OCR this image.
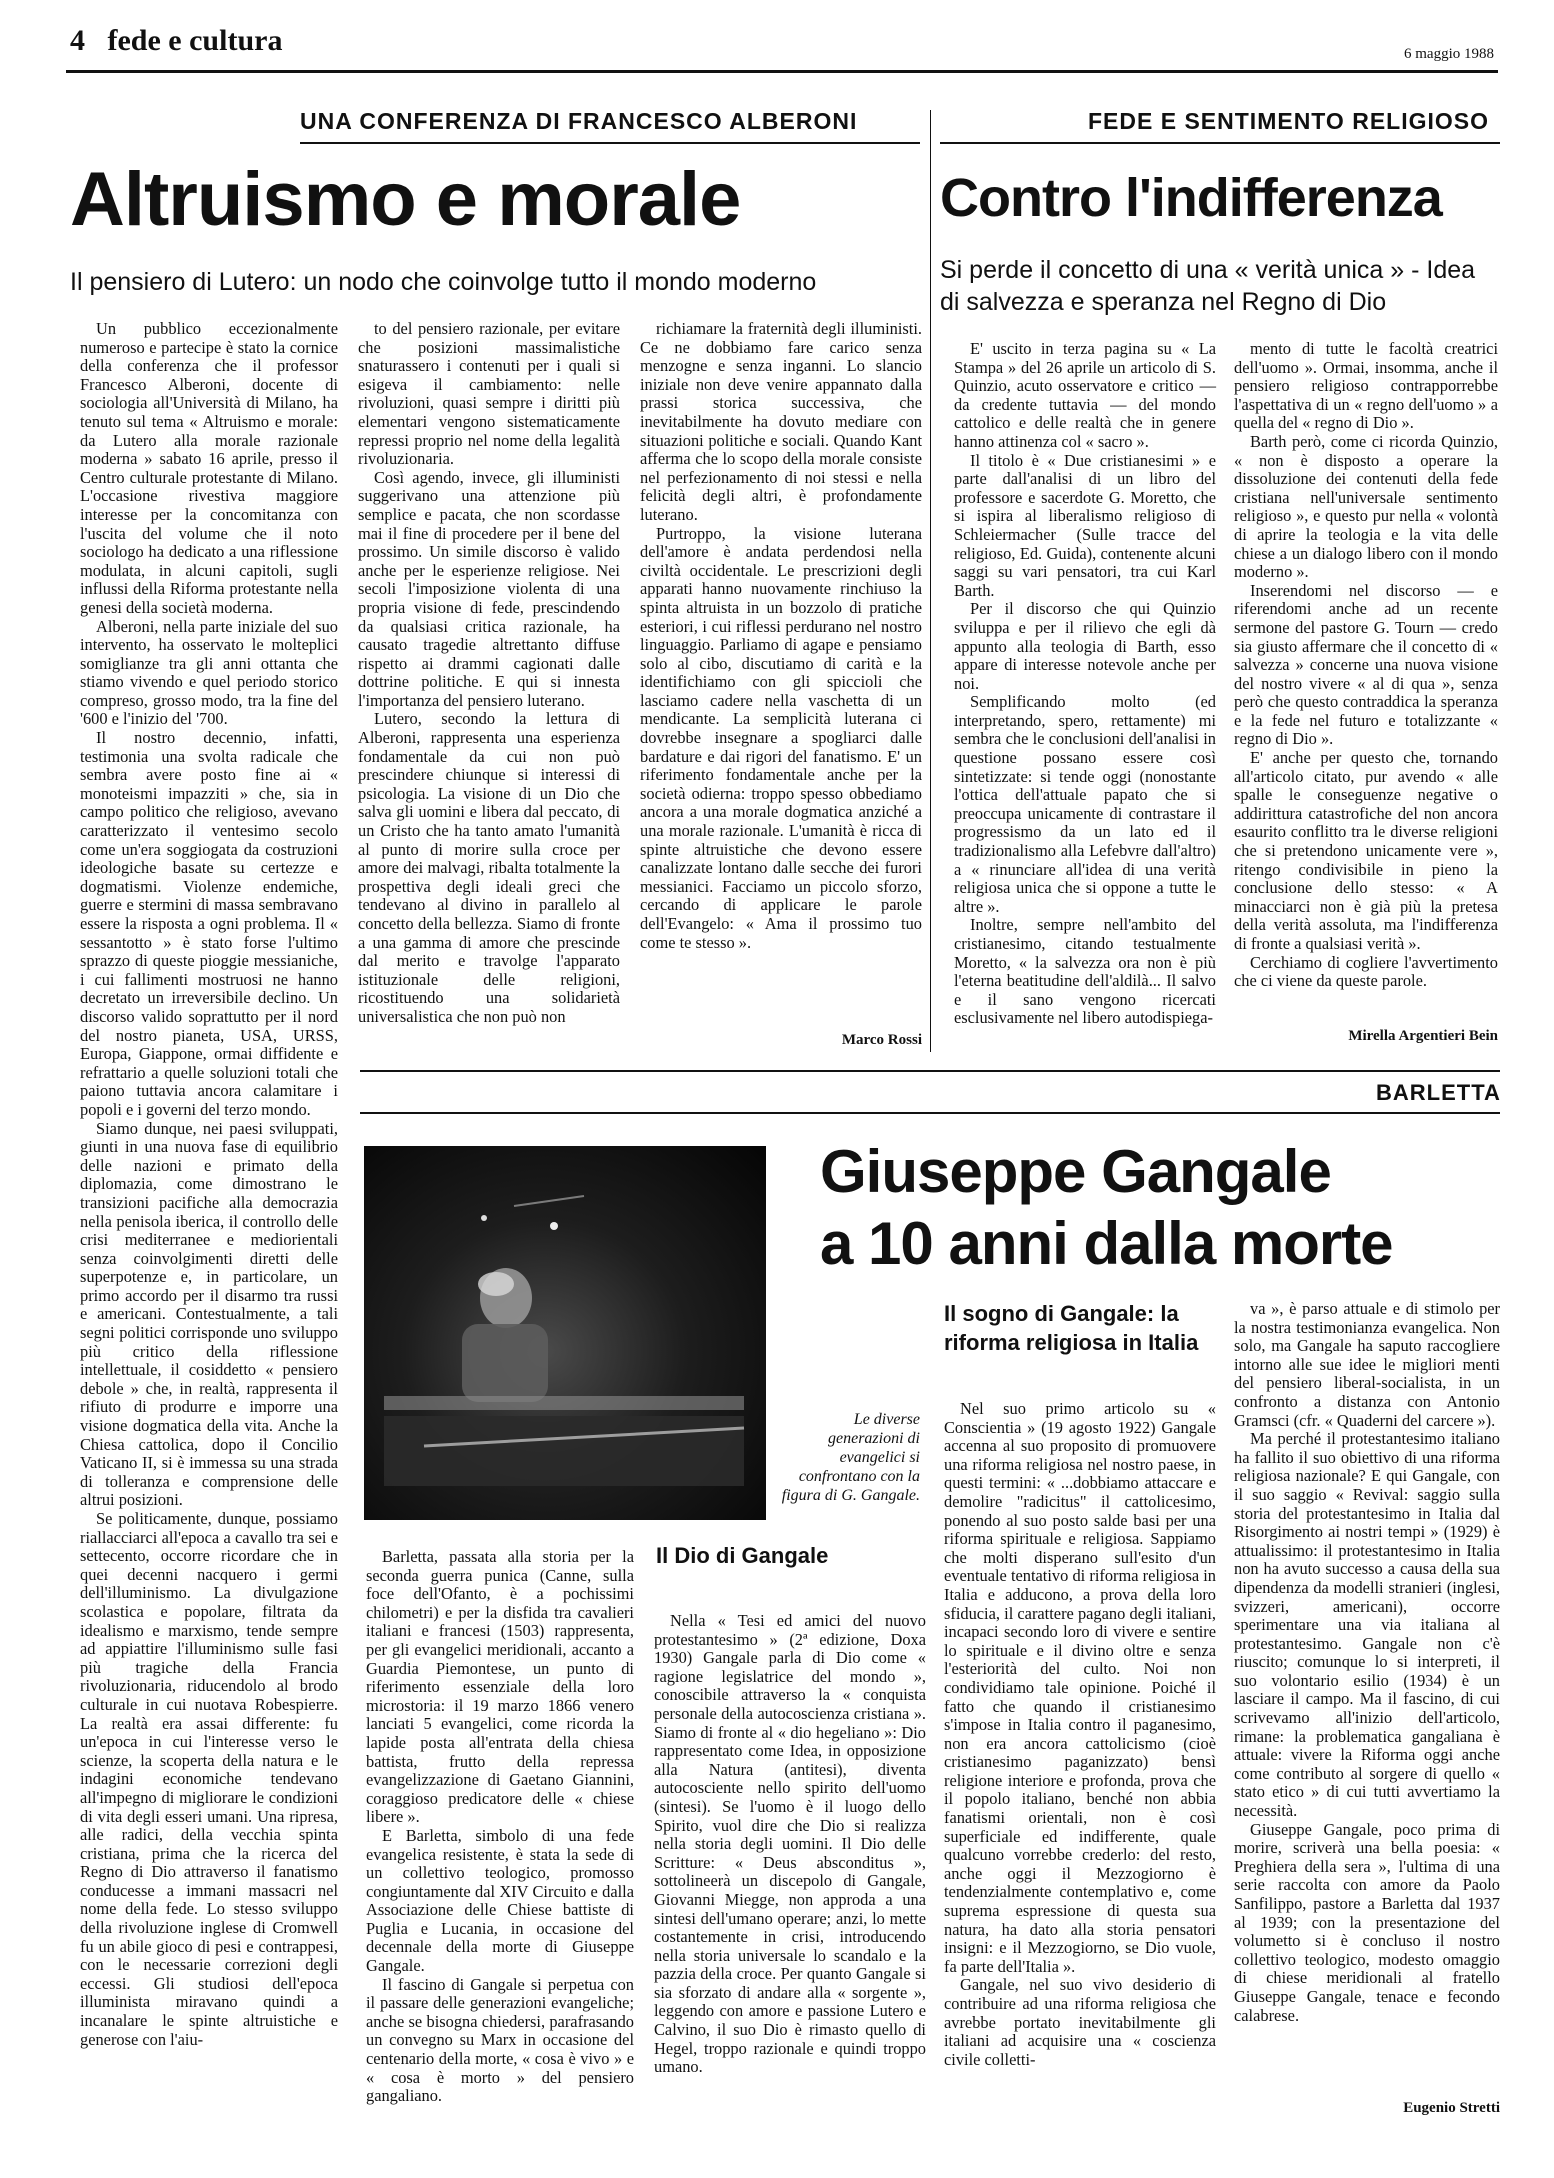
4 fede e cultura	6 maggio 1988
UNA CONFERENZA DI FRANCESCO ALBERONI
Altruismo e morale
Il pensiero di Lutero: un nodo che coinvolge tutto il mondo moderno
FEDE E SENTIMENTO RELIGIOSO
Contro l'indifferenza
Si perde il concetto di una « verità unica » - Idea di salvezza e speranza nel Regno di Dio

Un pubblico eccezionalmente numeroso e partecipe è stato la cornice della conferenza che il professor Francesco Alberoni, docente di sociologia all'Università di Milano, ha tenuto sul tema « Altruismo e morale: da Lutero alla morale razionale moderna » sabato 16 aprile, presso il Centro culturale protestante di Milano. L'occasione rivestiva maggiore interesse per la concomitanza con l'uscita del volume che il noto sociologo ha dedicato a una riflessione modulata, in alcuni capitoli, sugli influssi della Riforma protestante nella genesi della società moderna.

Alberoni, nella parte iniziale del suo intervento, ha osservato le molteplici somiglianze tra gli anni ottanta che stiamo vivendo e quel periodo storico compreso, grosso modo, tra la fine del '600 e l'inizio del '700.

Il nostro decennio, infatti, testimonia una svolta radicale che sembra avere posto fine ai « monoteismi impazziti » che, sia in campo politico che religioso, avevano caratterizzato il ventesimo secolo come un'era soggiogata da costruzioni ideologiche basate su certezze e dogmatismi. Violenze endemiche, guerre e stermini di massa sembravano essere la risposta a ogni problema. Il « sessantotto » è stato forse l'ultimo sprazzo di queste pioggie messianiche, i cui fallimenti mostruosi ne hanno decretato un irreversibile declino. Un discorso valido soprattutto per il nord del nostro pianeta, USA, URSS, Europa, Giappone, ormai diffidente e refrattario a quelle soluzioni totali che paiono tuttavia ancora calamitare i popoli e i governi del terzo mondo.

Siamo dunque, nei paesi sviluppati, giunti in una nuova fase di equilibrio delle nazioni e primato della diplomazia, come dimostrano le transizioni pacifiche alla democrazia nella penisola iberica, il controllo delle crisi mediterranee e mediorientali senza coinvolgimenti diretti delle superpotenze e, in particolare, un primo accordo per il disarmo tra russi e americani. Contestualmente, a tali segni politici corrisponde uno sviluppo più critico della riflessione intellettuale, il cosiddetto « pensiero debole » che, in realtà, rappresenta il rifiuto di produrre e imporre una visione dogmatica della vita. Anche la Chiesa cattolica, dopo il Concilio Vaticano II, si è immessa su una strada di tolleranza e comprensione delle altrui posizioni.

Se politicamente, dunque, possiamo riallacciarci all'epoca a cavallo tra sei e settecento, occorre ricordare che in quei decenni nacquero i germi dell'illuminismo. La divulgazione scolastica e popolare, filtrata da idealismo e marxismo, tende sempre ad appiattire l'illuminismo sulle fasi più tragiche della Francia rivoluzionaria, riducendolo al brodo culturale in cui nuotava Robespierre. La realtà era assai differente: fu un'epoca in cui l'interesse verso le scienze, la scoperta della natura e le indagini economiche tendevano all'impegno di migliorare le condizioni di vita degli esseri umani. Una ripresa, alle radici, della vecchia spinta cristiana, prima che la ricerca del Regno di Dio attraverso il fanatismo conducesse a immani massacri nel nome della fede. Lo stesso sviluppo della rivoluzione inglese di Cromwell fu un abile gioco di pesi e contrappesi, con le necessarie correzioni degli eccessi. Gli studiosi dell'epoca illuminista miravano quindi a incanalare le spinte altruistiche e generose con l'aiu-

to del pensiero razionale, per evitare che posizioni massimalistiche snaturassero i contenuti per i quali si esigeva il cambiamento: nelle rivoluzioni, quasi sempre i diritti più elementari vengono sistematicamente repressi proprio nel nome della legalità rivoluzionaria.

Così agendo, invece, gli illuministi suggerivano una attenzione più semplice e pacata, che non scordasse mai il fine di procedere per il bene del prossimo. Un simile discorso è valido anche per le esperienze religiose. Nei secoli l'imposizione violenta di una propria visione di fede, prescindendo da qualsiasi critica razionale, ha causato tragedie altrettanto diffuse rispetto ai drammi cagionati dalle dottrine politiche. E qui si innesta l'importanza del pensiero luterano.

Lutero, secondo la lettura di Alberoni, rappresenta una esperienza fondamentale da cui non può prescindere chiunque si interessi di psicologia. La visione di un Dio che salva gli uomini e libera dal peccato, di un Cristo che ha tanto amato l'umanità al punto di morire sulla croce per amore dei malvagi, ribalta totalmente la prospettiva degli ideali greci che tendevano al divino in parallelo al concetto della bellezza. Siamo di fronte a una gamma di amore che prescinde dal merito e travolge l'apparato istituzionale delle religioni, ricostituendo una solidarietà universalistica che non può non

richiamare la fraternità degli illuministi. Ce ne dobbiamo fare carico senza menzogne e senza inganni. Lo slancio iniziale non deve venire appannato dalla prassi storica successiva, che inevitabilmente ha dovuto mediare con situazioni politiche e sociali. Quando Kant afferma che lo scopo della morale consiste nel perfezionamento di noi stessi e nella felicità degli altri, è profondamente luterano.

Purtroppo, la visione luterana dell'amore è andata perdendosi nella civiltà occidentale. Le prescrizioni degli apparati hanno nuovamente rinchiuso la spinta altruista in un bozzolo di pratiche esteriori, i cui riflessi perdurano nel nostro linguaggio. Parliamo di agape e pensiamo solo al cibo, discutiamo di carità e la identifichiamo con gli spiccioli che lasciamo cadere nella vaschetta di un mendicante. La semplicità luterana ci dovrebbe insegnare a spogliarci dalle bardature e dai rigori del fanatismo. E' un riferimento fondamentale anche per la società odierna: troppo spesso obbediamo ancora a una morale dogmatica anziché a una morale razionale. L'umanità è ricca di spinte altruistiche che devono essere canalizzate lontano dalle secche dei furori messianici. Facciamo un piccolo sforzo, cercando di applicare le parole dell'Evangelo: « Ama il prossimo tuo come te stesso ».

Marco Rossi

E' uscito in terza pagina su « La Stampa » del 26 aprile un articolo di S. Quinzio, acuto osservatore e critico — da credente tuttavia — del mondo cattolico e delle realtà che in genere hanno attinenza col « sacro ».

Il titolo è « Due cristianesimi » e parte dall'analisi di un libro del professore e sacerdote G. Moretto, che si ispira al liberalismo religioso di Schleiermacher (Sulle tracce del religioso, Ed. Guida), contenente alcuni saggi su vari pensatori, tra cui Karl Barth.

Per il discorso che qui Quinzio sviluppa e per il rilievo che egli dà appunto alla teologia di Barth, esso appare di interesse notevole anche per noi.

Semplificando molto (ed interpretando, spero, rettamente) mi sembra che le conclusioni dell'analisi in questione possano essere così sintetizzate: si tende oggi (nonostante l'ottica dell'attuale papato che si preoccupa unicamente di contrastare il progressismo da un lato ed il tradizionalismo alla Lefebvre dall'altro) a « rinunciare all'idea di una verità religiosa unica che si oppone a tutte le altre ».

Inoltre, sempre nell'ambito del cristianesimo, citando testualmente Moretto, « la salvezza ora non è più l'eterna beatitudine dell'aldilà... Il salvo e il sano vengono ricercati esclusivamente nel libero autodispiega-

mento di tutte le facoltà creatrici dell'uomo ». Ormai, insomma, anche il pensiero religioso contrapporrebbe l'aspettativa di un « regno dell'uomo » a quella del « regno di Dio ».

Barth però, come ci ricorda Quinzio, « non è disposto a operare la dissoluzione dei contenuti della fede cristiana nell'universale sentimento religioso », e questo pur nella « volontà di aprire la teologia e la vita delle chiese a un dialogo libero con il mondo moderno ».

Inserendomi nel discorso — e riferendomi anche ad un recente sermone del pastore G. Tourn — credo sia giusto affermare che il concetto di « salvezza » concerne una nuova visione del nostro vivere « al di qua », senza però che questo contraddica la speranza e la fede nel futuro e totalizzante « regno di Dio ».

E' anche per questo che, tornando all'articolo citato, pur avendo « alle spalle le conseguenze negative o addirittura catastrofiche del non ancora esaurito conflitto tra le diverse religioni che si pretendono unicamente vere », ritengo condivisibile in pieno la conclusione dello stesso: « A minacciarci non è già più la pretesa della verità assoluta, ma l'indifferenza di fronte a qualsiasi verità ».

Cerchiamo di cogliere l'avvertimento che ci viene da queste parole.

Mirella Argentieri Bein
BARLETTA
Le diverse generazioni di evangelici si confrontano con la figura di G. Gangale.
Giuseppe Gangale
a 10 anni dalla morte

Barletta, passata alla storia per la seconda guerra punica (Canne, sulla foce dell'Ofanto, è a pochissimi chilometri) e per la disfida tra cavalieri italiani e francesi (1503) rappresenta, per gli evangelici meridionali, accanto a Guardia Piemontese, un punto di riferimento essenziale della loro microstoria: il 19 marzo 1866 venero lanciati 5 evangelici, come ricorda la lapide posta all'entrata della chiesa battista, frutto della repressa evangelizzazione di Gaetano Giannini, coraggioso predicatore delle « chiese libere ».

E Barletta, simbolo di una fede evangelica resistente, è stata la sede di un collettivo teologico, promosso congiuntamente dal XIV Circuito e dalla Associazione delle Chiese battiste di Puglia e Lucania, in occasione del decennale della morte di Giuseppe Gangale.

Il fascino di Gangale si perpetua con il passare delle generazioni evangeliche; anche se bisogna chiedersi, parafrasando un convegno su Marx in occasione del centenario della morte, « cosa è vivo » e « cosa è morto » del pensiero gangaliano.

Il Dio di Gangale

Nella « Tesi ed amici del nuovo protestantesimo » (2ª edizione, Doxa 1930) Gangale parla di Dio come « ragione legislatrice del mondo », conoscibile attraverso la « conquista personale della autocoscienza cristiana ». Siamo di fronte al « dio hegeliano »: Dio rappresentato come Idea, in opposizione alla Natura (antitesi), diventa autocosciente nello spirito dell'uomo (sintesi). Se l'uomo è il luogo dello Spirito, vuol dire che Dio si realizza nella storia degli uomini. Il Dio delle Scritture: « Deus absconditus », sottolineerà un discepolo di Gangale, Giovanni Miegge, non approda a una sintesi dell'umano operare; anzi, lo mette costantemente in crisi, introducendo nella storia universale lo scandalo e la pazzia della croce. Per quanto Gangale si sia sforzato di andare alla « sorgente », leggendo con amore e passione Lutero e Calvino, il suo Dio è rimasto quello di Hegel, troppo razionale e quindi troppo umano.

Il sogno di Gangale: la riforma religiosa in Italia

Nel suo primo articolo su « Conscientia » (19 agosto 1922) Gangale accenna al suo proposito di promuovere una riforma religiosa nel nostro paese, in questi termini: « ...dobbiamo attaccare e demolire "radicitus" il cattolicesimo, ponendo al suo posto salde basi per una riforma spirituale e religiosa. Sappiamo che molti disperano sull'esito d'un eventuale tentativo di riforma religiosa in Italia e adducono, a prova della loro sfiducia, il carattere pagano degli italiani, incapaci secondo loro di vivere e sentire lo spirituale e il divino oltre e senza l'esteriorità del culto. Noi non condividiamo tale opinione. Poiché il fatto che quando il cristianesimo s'impose in Italia contro il paganesimo, non era ancora cattolicismo (cioè cristianesimo paganizzato) bensì religione interiore e profonda, prova che il popolo italiano, benché non abbia fanatismi orientali, non è così superficiale ed indifferente, quale qualcuno vorrebbe crederlo: del resto, anche oggi il Mezzogiorno è tendenzialmente contemplativo e, come suprema espressione di questa sua natura, ha dato alla storia pensatori insigni: e il Mezzogiorno, se Dio vuole, fa parte dell'Italia ».

Gangale, nel suo vivo desiderio di contribuire ad una riforma religiosa che avrebbe portato inevitabilmente gli italiani ad acquisire una « coscienza civile colletti-

va », è parso attuale e di stimolo per la nostra testimonianza evangelica. Non solo, ma Gangale ha saputo raccogliere intorno alle sue idee le migliori menti del pensiero liberal-socialista, in un confronto a distanza con Antonio Gramsci (cfr. « Quaderni del carcere »).

Ma perché il protestantesimo italiano ha fallito il suo obiettivo di una riforma religiosa nazionale? E qui Gangale, con il suo saggio « Revival: saggio sulla storia del protestantesimo in Italia dal Risorgimento ai nostri tempi » (1929) è attualissimo: il protestantesimo in Italia non ha avuto successo a causa della sua dipendenza da modelli stranieri (inglesi, svizzeri, americani), occorre sperimentare una via italiana al protestantesimo. Gangale non c'è riuscito; comunque lo si interpreti, il suo volontario esilio (1934) è un lasciare il campo. Ma il fascino, di cui scrivevamo all'inizio dell'articolo, rimane: la problematica gangaliana è attuale: vivere la Riforma oggi anche come contributo al sorgere di quello « stato etico » di cui tutti avvertiamo la necessità.

Giuseppe Gangale, poco prima di morire, scriverà una bella poesia: « Preghiera della sera », l'ultima di una serie raccolta con amore da Paolo Sanfilippo, pastore a Barletta dal 1937 al 1939; con la presentazione del volumetto si è concluso il nostro collettivo teologico, modesto omaggio di chiese meridionali al fratello Giuseppe Gangale, tenace e fecondo calabrese.

Eugenio Stretti
